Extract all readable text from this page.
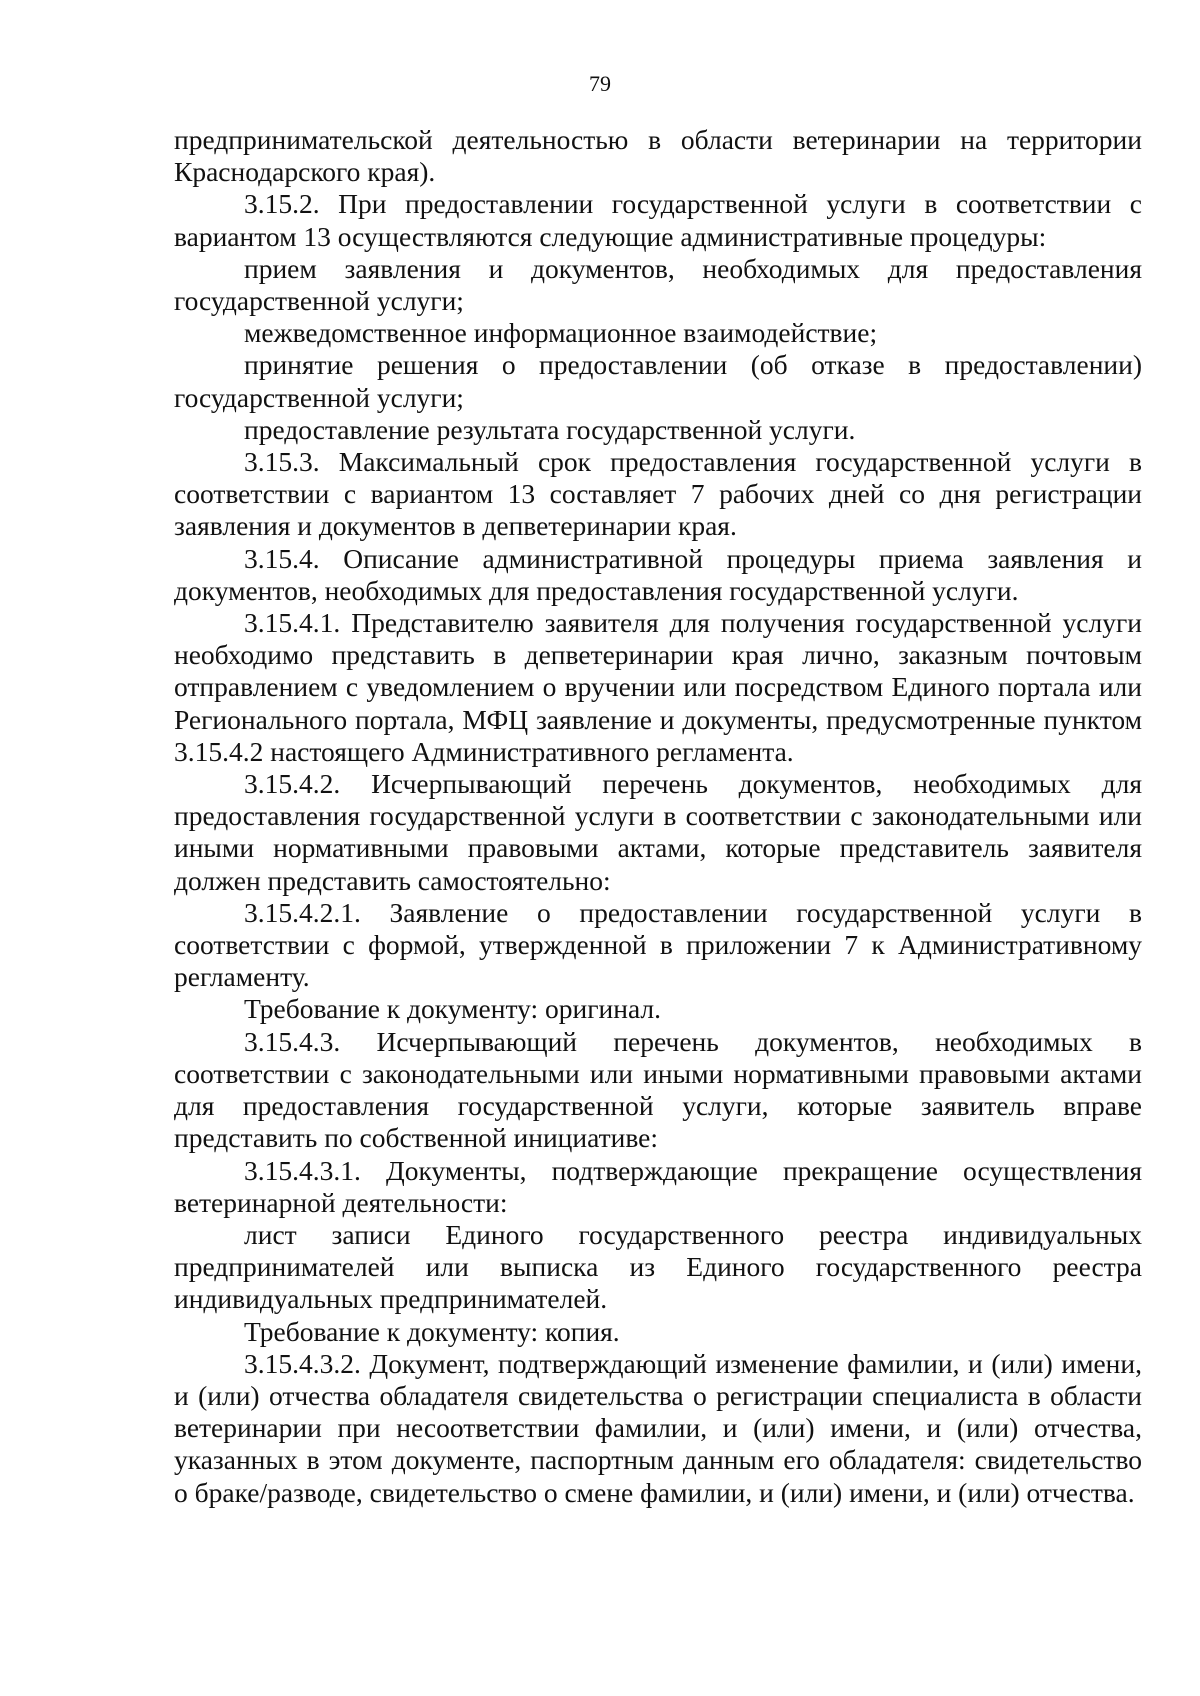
79

предпринимательской деятельностью в области ветеринарии на территории Краснодарского края).

3.15.2. При предоставлении государственной услуги в соответствии с вариантом 13 осуществляются следующие административные процедуры:

прием заявления и документов, необходимых для предоставления государственной услуги;

межведомственное информационное взаимодействие;

принятие решения о предоставлении (об отказе в предоставлении) государственной услуги;

предоставление результата государственной услуги.

3.15.3. Максимальный срок предоставления государственной услуги в соответствии с вариантом 13 составляет 7 рабочих дней со дня регистрации заявления и документов в депветеринарии края.

3.15.4. Описание административной процедуры приема заявления и документов, необходимых для предоставления государственной услуги.

3.15.4.1. Представителю заявителя для получения государственной услуги необходимо представить в депветеринарии края лично, заказным почтовым отправлением с уведомлением о вручении или посредством Единого портала или Регионального портала, МФЦ заявление и документы, предусмотренные пунктом 3.15.4.2 настоящего Административного регламента.

3.15.4.2. Исчерпывающий перечень документов, необходимых для предоставления государственной услуги в соответствии с законодательными или иными нормативными правовыми актами, которые представитель заявителя должен представить самостоятельно:

3.15.4.2.1. Заявление о предоставлении государственной услуги в соответствии с формой, утвержденной в приложении 7 к Административному регламенту.

Требование к документу: оригинал.

3.15.4.3. Исчерпывающий перечень документов, необходимых в соответствии с законодательными или иными нормативными правовыми актами для предоставления государственной услуги, которые заявитель вправе представить по собственной инициативе:

3.15.4.3.1. Документы, подтверждающие прекращение осуществления ветеринарной деятельности:

лист записи Единого государственного реестра индивидуальных предпринимателей или выписка из Единого государственного реестра индивидуальных предпринимателей.

Требование к документу: копия.

3.15.4.3.2. Документ, подтверждающий изменение фамилии, и (или) имени, и (или) отчества обладателя свидетельства о регистрации специалиста в области ветеринарии при несоответствии фамилии, и (или) имени, и (или) отчества, указанных в этом документе, паспортным данным его обладателя: свидетельство о браке/разводе, свидетельство о смене фамилии, и (или) имени, и (или) отчества.
